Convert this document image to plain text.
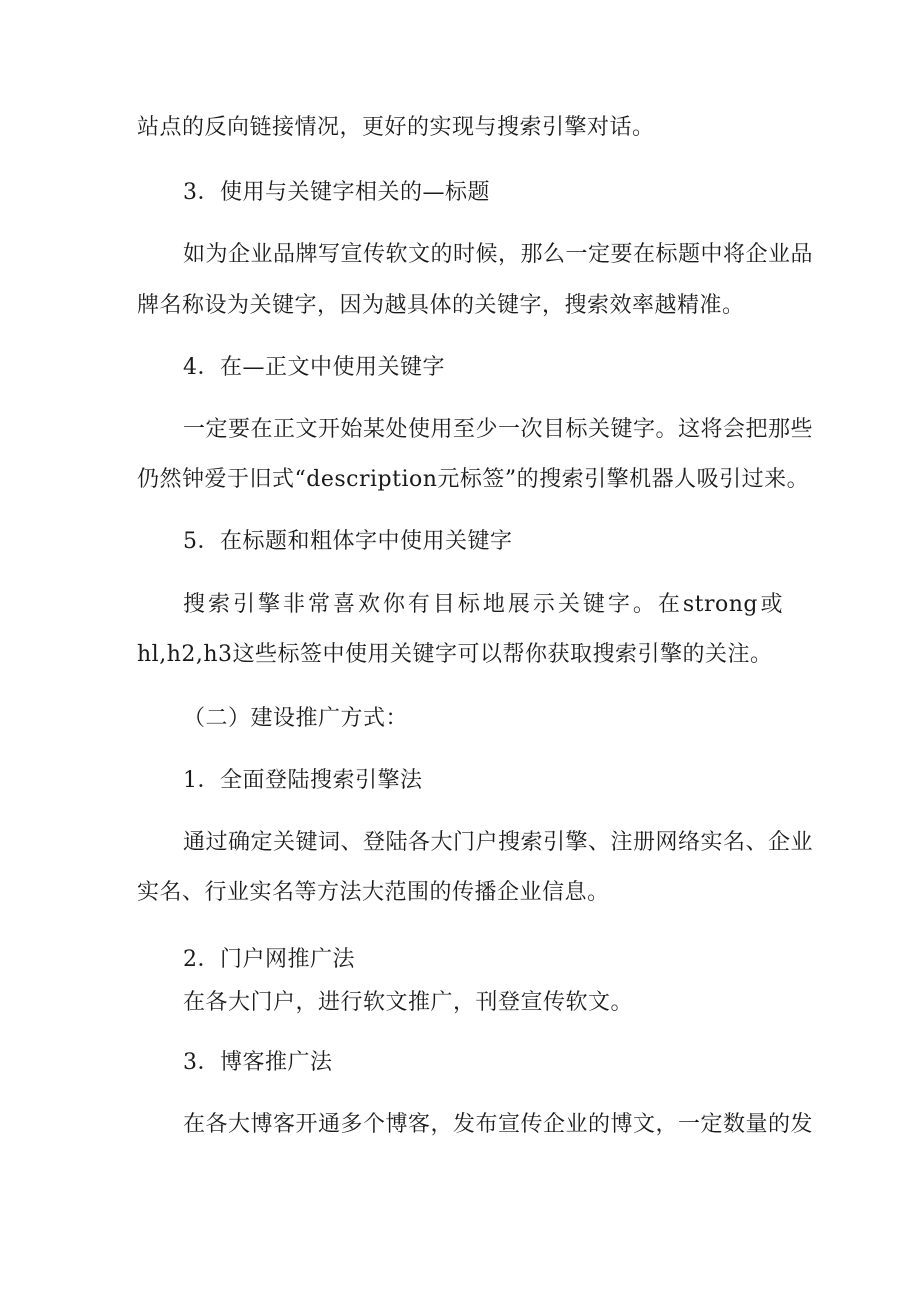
站点的反向链接情况，更好的实现与搜索引擎对话。
3．使用与关键字相关的—标题
如为企业品牌写宣传软文的时候，那么一定要在标题中将企业品
牌名称设为关键字，因为越具体的关键字，搜索效率越精准。
4．在—正文中使用关键字
一定要在正文开始某处使用至少一次目标关键字。这将会把那些
仍然钟爱于旧式“description元标签”的搜索引擎机器人吸引过来。
5．在标题和粗体字中使用关键字
搜索引擎非常喜欢你有目标地展示关键字。在strong或
hl,h2,h3这些标签中使用关键字可以帮你获取搜索引擎的关注。
（二）建设推广方式：
1．全面登陆搜索引擎法
通过确定关键词、登陆各大门户搜索引擎、注册网络实名、企业
实名、行业实名等方法大范围的传播企业信息。
2．门户网推广法
在各大门户，进行软文推广，刊登宣传软文。
3．博客推广法
在各大博客开通多个博客，发布宣传企业的博文，一定数量的发
